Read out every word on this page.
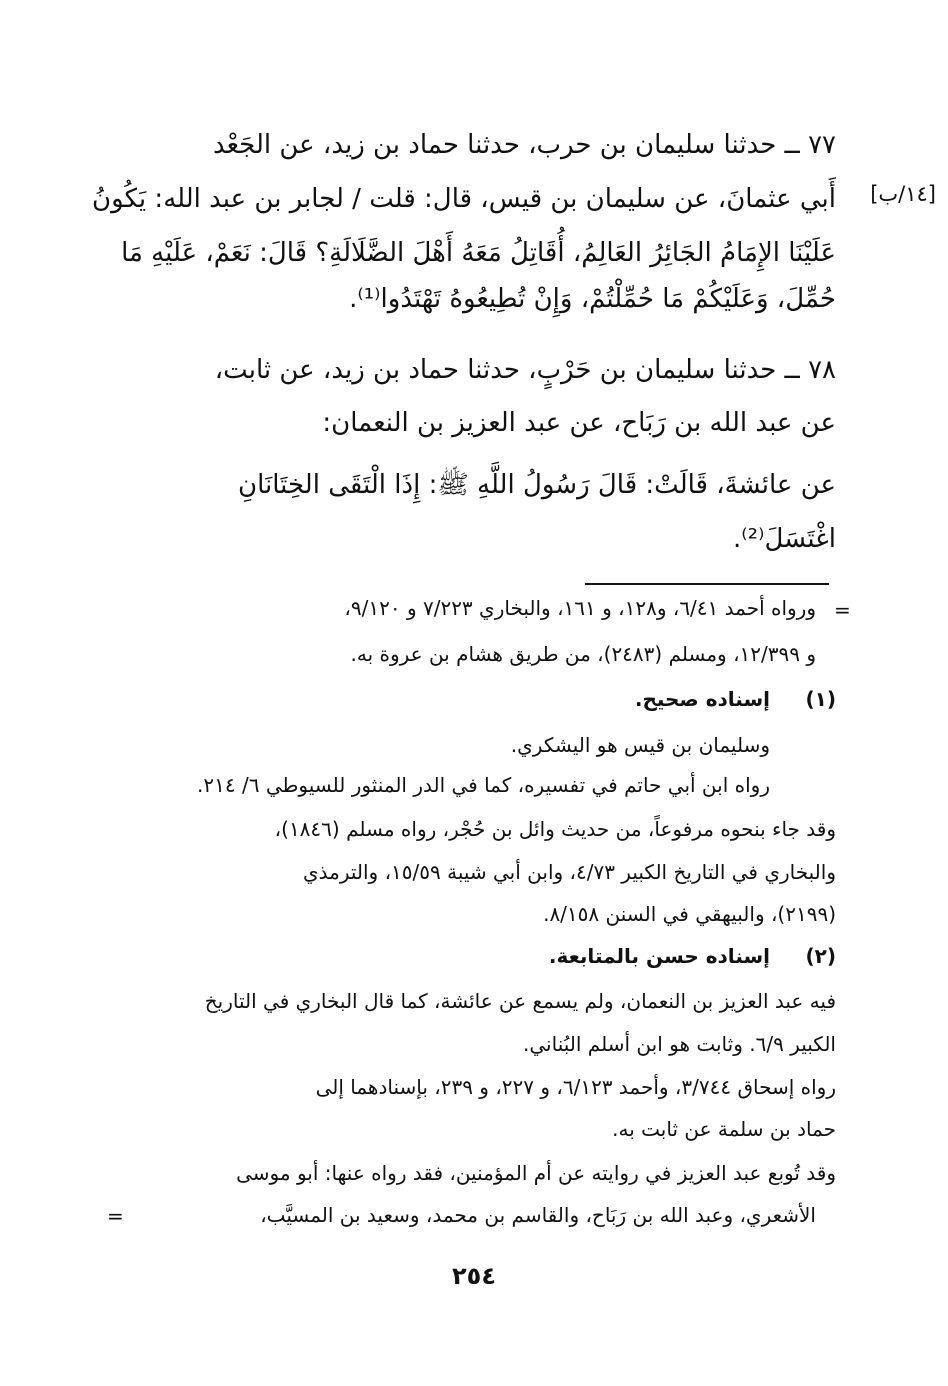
٧٧ ــ حدثنا سليمان بن حرب، حدثنا حماد بن زيد، عن الجَعْد
[١٤/ب]
أَبي عثمانَ، عن سليمان بن قيس، قال: قلت / لجابر بن عبد الله: يَكُونُ
عَلَيْنَا الإِمَامُ الجَائِرُ العَالِمُ، أُقَاتِلُ مَعَهُ أَهْلَ الضَّلَالَةِ؟ قَالَ: نَعَمْ، عَلَيْهِ مَا
حُمِّلَ، وَعَلَيْكُمْ مَا حُمِّلْتُمْ، وَإِنْ تُطِيعُوهُ تَهْتَدُوا⁽¹⁾.
٧٨ ــ حدثنا سليمان بن حَرْبٍ، حدثنا حماد بن زيد، عن ثابت،
عن عبد الله بن رَبَاح، عن عبد العزيز بن النعمان:
عن عائشةَ، قَالَتْ: قَالَ رَسُولُ اللَّهِ ﷺ: إِذَا الْتَقَى الخِتَانَانِ
اغْتَسَلَ⁽²⁾.
=
ورواه أحمد ٦/٤١، و١٢٨، و ١٦١، والبخاري ٧/٢٢٣ و ٩/١٢٠،
و ١٢/٣٩٩، ومسلم (٢٤٨٣)، من طريق هشام بن عروة به.
(١)
إسناده صحيح.
وسليمان بن قيس هو اليشكري.
رواه ابن أبي حاتم في تفسيره، كما في الدر المنثور للسيوطي ٦/ ٢١٤.
وقد جاء بنحوه مرفوعاً، من حديث وائل بن حُجْر، رواه مسلم (١٨٤٦)،
والبخاري في التاريخ الكبير ٤/٧٣، وابن أبي شيبة ١٥/٥٩، والترمذي
(٢١٩٩)، والبيهقي في السنن ٨/١٥٨.
(٢)
إسناده حسن بالمتابعة.
فيه عبد العزيز بن النعمان، ولم يسمع عن عائشة، كما قال البخاري في التاريخ
الكبير ٦/٩. وثابت هو ابن أسلم البُناني.
رواه إسحاق ٣/٧٤٤، وأحمد ٦/١٢٣، و ٢٢٧، و ٢٣٩، بإسنادهما إلى
حماد بن سلمة عن ثابت به.
وقد تُوبع عبد العزيز في روايته عن أم المؤمنين، فقد رواه عنها: أبو موسى
الأشعري، وعبد الله بن رَبَاح، والقاسم بن محمد، وسعيد بن المسيَّب،
=
٢٥٤
